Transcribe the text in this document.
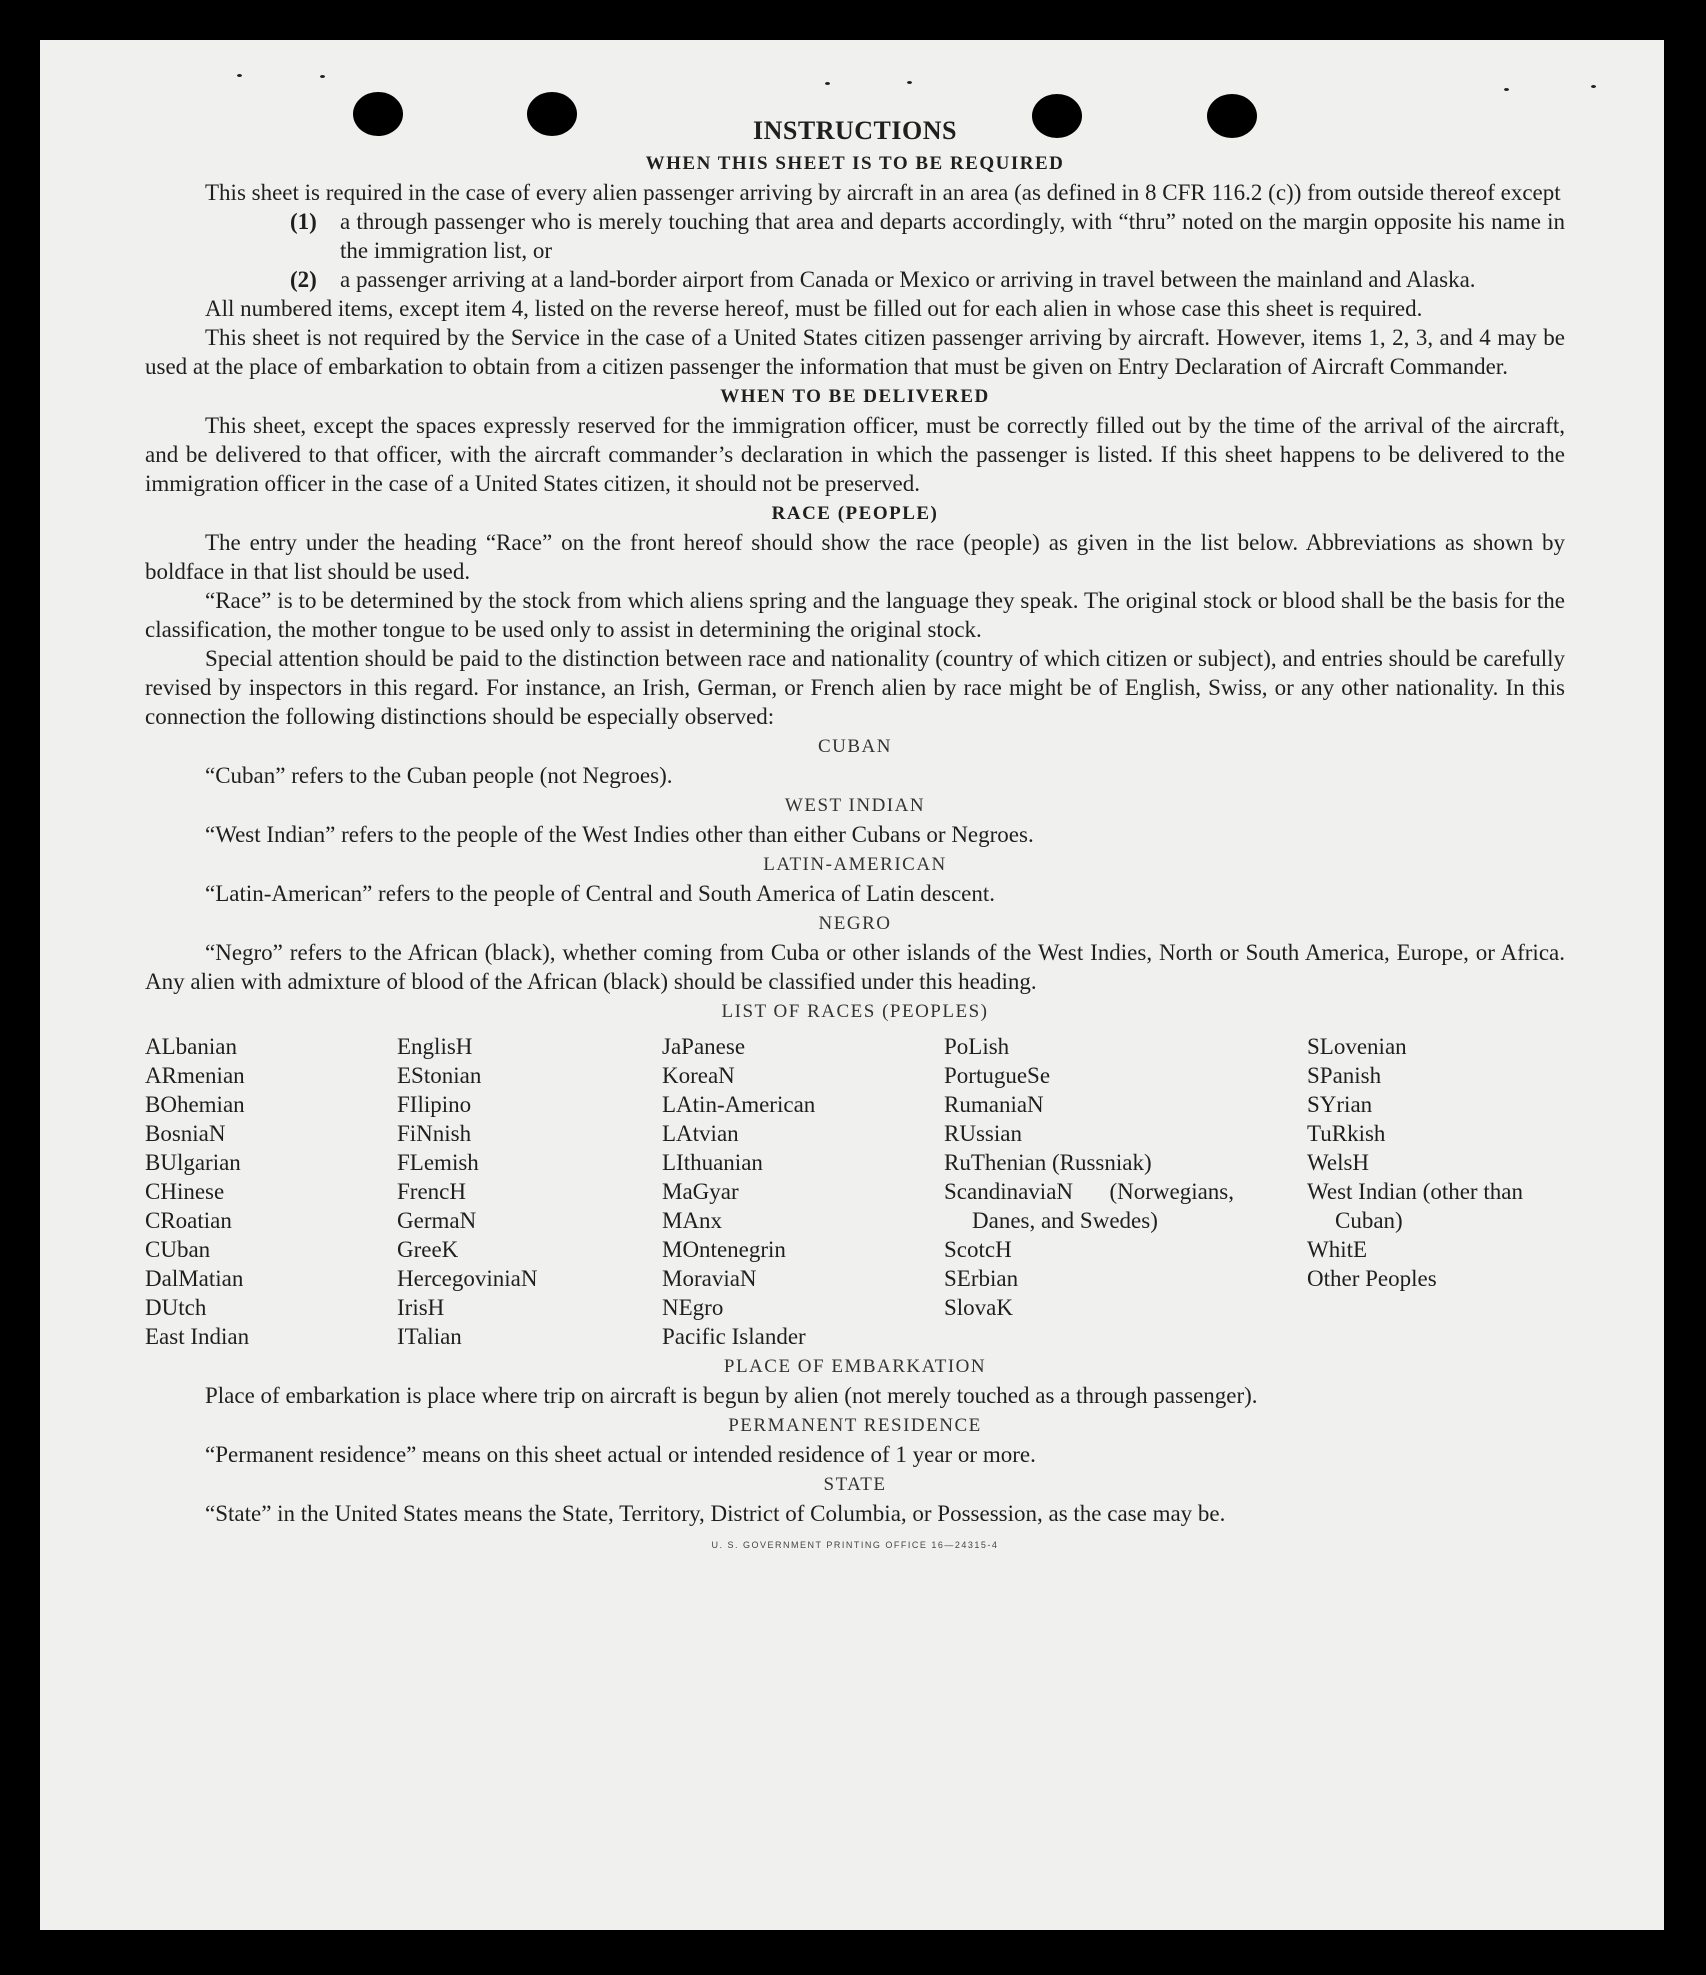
INSTRUCTIONS
WHEN THIS SHEET IS TO BE REQUIRED

This sheet is required in the case of every alien passenger arriving by aircraft in an area (as defined in 8 CFR 116.2 (c)) from outside thereof except

(1) a through passenger who is merely touching that area and departs accordingly, with “thru” noted on the margin opposite his name in the immigration list, or
(2) a passenger arriving at a land-border airport from Canada or Mexico or arriving in travel between the mainland and Alaska.

All numbered items, except item 4, listed on the reverse hereof, must be filled out for each alien in whose case this sheet is required.

This sheet is not required by the Service in the case of a United States citizen passenger arriving by aircraft. However, items 1, 2, 3, and 4 may be used at the place of embarkation to obtain from a citizen passenger the information that must be given on Entry Declaration of Aircraft Commander.

WHEN TO BE DELIVERED

This sheet, except the spaces expressly reserved for the immigration officer, must be correctly filled out by the time of the arrival of the aircraft, and be delivered to that officer, with the aircraft commander’s declaration in which the passenger is listed. If this sheet happens to be delivered to the immigration officer in the case of a United States citizen, it should not be preserved.

RACE (PEOPLE)

The entry under the heading “Race” on the front hereof should show the race (people) as given in the list below. Abbreviations as shown by boldface in that list should be used.

“Race” is to be determined by the stock from which aliens spring and the language they speak. The original stock or blood shall be the basis for the classification, the mother tongue to be used only to assist in determining the original stock.

Special attention should be paid to the distinction between race and nationality (country of which citizen or subject), and entries should be carefully revised by inspectors in this regard. For instance, an Irish, German, or French alien by race might be of English, Swiss, or any other nationality. In this connection the following distinctions should be especially observed:

CUBAN

“Cuban” refers to the Cuban people (not Negroes).

WEST INDIAN

“West Indian” refers to the people of the West Indies other than either Cubans or Negroes.

LATIN-AMERICAN

“Latin-American” refers to the people of Central and South America of Latin descent.

NEGRO

“Negro” refers to the African (black), whether coming from Cuba or other islands of the West Indies, North or South America, Europe, or Africa. Any alien with admixture of blood of the African (black) should be classified under this heading.

LIST OF RACES (PEOPLES)
ALbanian
ARmenian
BOhemian
BosniaN
BUlgarian
CHinese
CRoatian
CUban
DalMatian
DUtch
East Indian
EnglisH
EStonian
FIlipino
FiNnish
FLemish
FrencH
GermaN
GreeK
HercegoviniaN
IrisH
ITalian
JaPanese
KoreaN
LAtin-American
LAtvian
LIthuanian
MaGyar
MAnx
MOntenegrin
MoraviaN
NEgro
Pacific Islander
PoLish
PortugueSe
RumaniaN
RUssian
RuThenian (Russniak)
ScandinaviaN (Norwegians, Danes, and Swedes)
ScotcH
SErbian
SlovaK
SLovenian
SPanish
SYrian
TuRkish
WelsH
West Indian (other than Cuban)
WhitE
Other Peoples
PLACE OF EMBARKATION

Place of embarkation is place where trip on aircraft is begun by alien (not merely touched as a through passenger).

PERMANENT RESIDENCE

“Permanent residence” means on this sheet actual or intended residence of 1 year or more.

STATE

“State” in the United States means the State, Territory, District of Columbia, or Possession, as the case may be.

U. S. GOVERNMENT PRINTING OFFICE 16—24315-4
